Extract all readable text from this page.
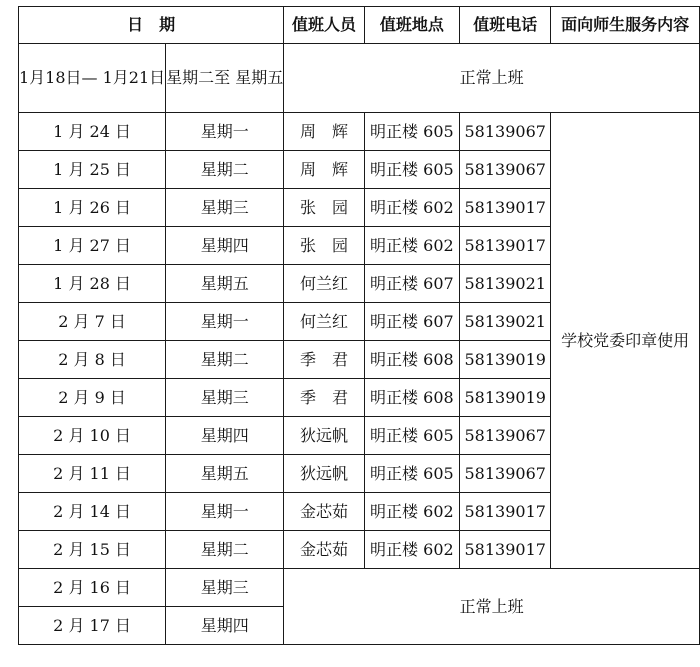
日　期		值班人员	值班地点	值班电话	面向师生服务内容
1月18日— 1月21日	星期二至 星期五	正常上班			
1 月 24 日	星期一	周　辉	明正楼 605	58139067	学校党委印章使用
1 月 25 日	星期二	周　辉	明正楼 605	58139067	
1 月 26 日	星期三	张　园	明正楼 602	58139017	
1 月 27 日	星期四	张　园	明正楼 602	58139017	
1 月 28 日	星期五	何兰红	明正楼 607	58139021	
2 月 7 日	星期一	何兰红	明正楼 607	58139021	
2 月 8 日	星期二	季　君	明正楼 608	58139019	
2 月 9 日	星期三	季　君	明正楼 608	58139019	
2 月 10 日	星期四	狄远帆	明正楼 605	58139067	
2 月 11 日	星期五	狄远帆	明正楼 605	58139067	
2 月 14 日	星期一	金芯茹	明正楼 602	58139017	
2 月 15 日	星期二	金芯茹	明正楼 602	58139017	
2 月 16 日	星期三	正常上班			
2 月 17 日	星期四				
